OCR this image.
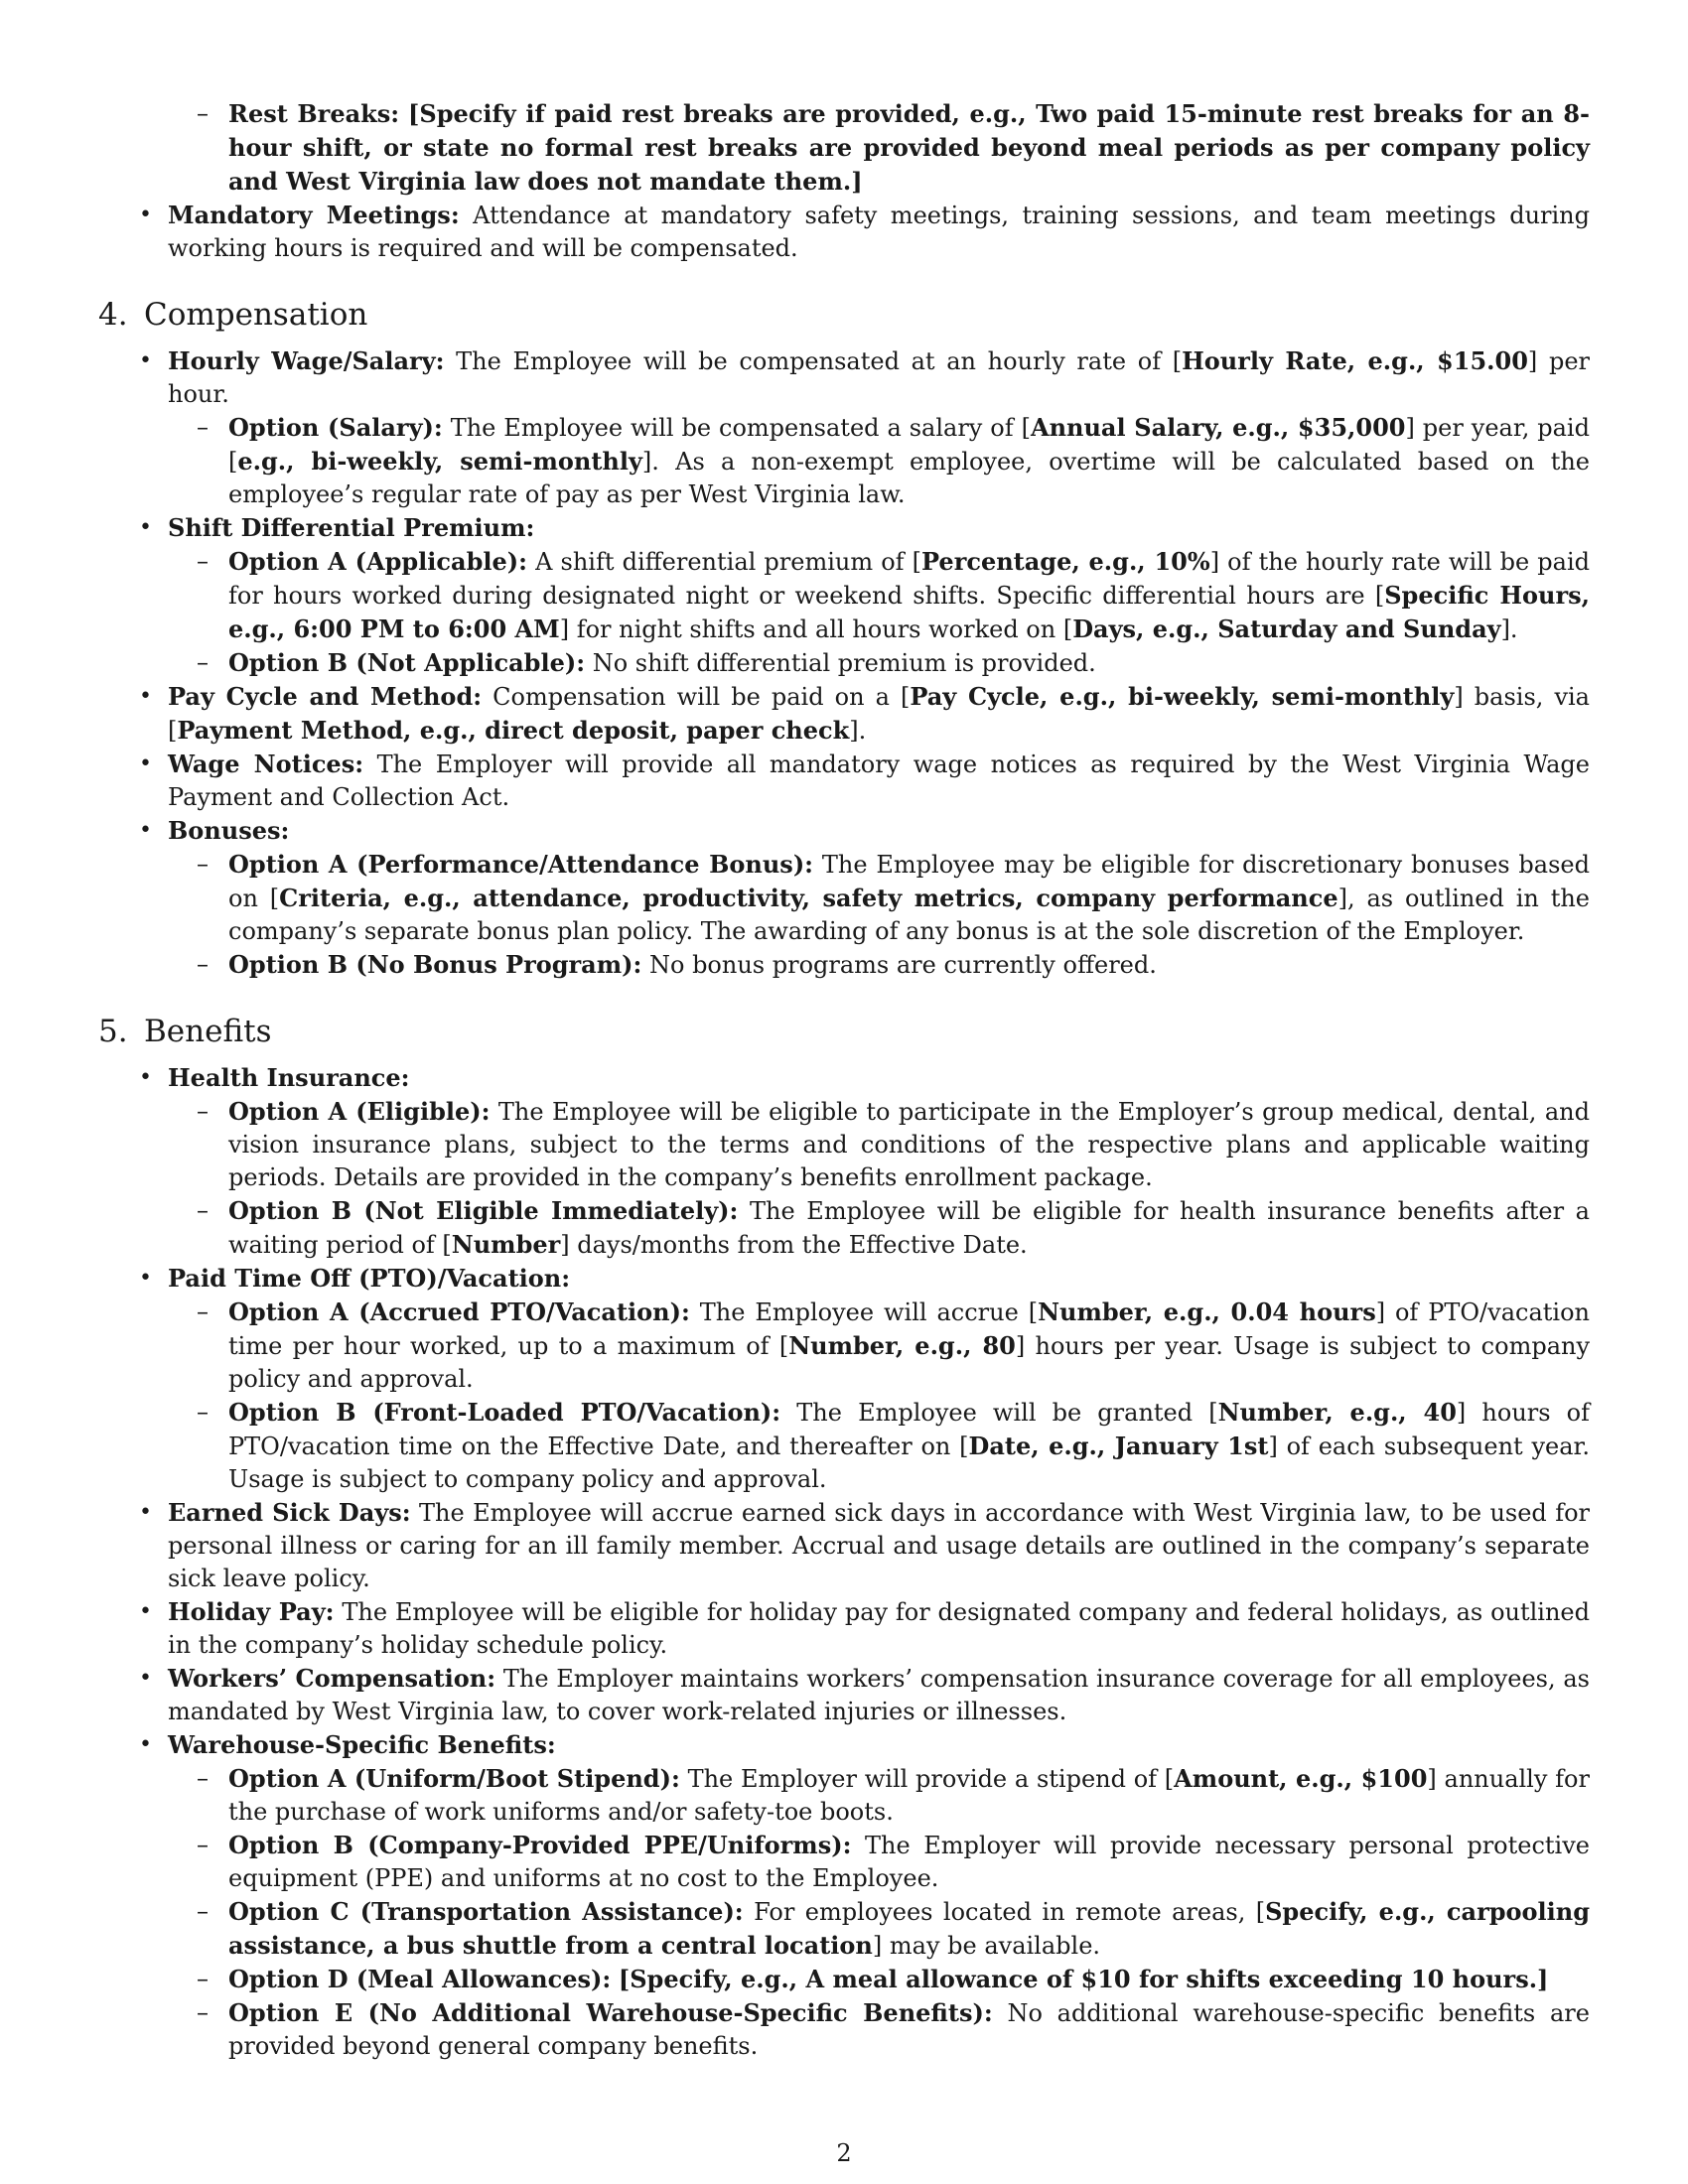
– Rest Breaks: [Specify if paid rest breaks are provided, e.g., Two paid 15-minute rest breaks for an 8-hour shift, or state no formal rest breaks are provided beyond meal periods as per company policy and West Virginia law does not mandate them.]
• Mandatory Meetings: Attendance at mandatory safety meetings, training sessions, and team meetings during working hours is required and will be compensated.
4. Compensation
• Hourly Wage/Salary: The Employee will be compensated at an hourly rate of [Hourly Rate, e.g., $15.00] per hour.
– Option (Salary): The Employee will be compensated a salary of [Annual Salary, e.g., $35,000] per year, paid [e.g., bi-weekly, semi-monthly]. As a non-exempt employee, overtime will be calculated based on the employee’s regular rate of pay as per West Virginia law.
• Shift Differential Premium:
– Option A (Applicable): A shift differential premium of [Percentage, e.g., 10%] of the hourly rate will be paid for hours worked during designated night or weekend shifts. Specific differential hours are [Specific Hours, e.g., 6:00 PM to 6:00 AM] for night shifts and all hours worked on [Days, e.g., Saturday and Sunday].
– Option B (Not Applicable): No shift differential premium is provided.
• Pay Cycle and Method: Compensation will be paid on a [Pay Cycle, e.g., bi-weekly, semi-monthly] basis, via [Payment Method, e.g., direct deposit, paper check].
• Wage Notices: The Employer will provide all mandatory wage notices as required by the West Virginia Wage Payment and Collection Act.
• Bonuses:
– Option A (Performance/Attendance Bonus): The Employee may be eligible for discretionary bonuses based on [Criteria, e.g., attendance, productivity, safety metrics, company performance], as outlined in the company’s separate bonus plan policy. The awarding of any bonus is at the sole discretion of the Employer.
– Option B (No Bonus Program): No bonus programs are currently offered.
5. Benefits
• Health Insurance:
– Option A (Eligible): The Employee will be eligible to participate in the Employer’s group medical, dental, and vision insurance plans, subject to the terms and conditions of the respective plans and applicable waiting periods. Details are provided in the company’s benefits enrollment package.
– Option B (Not Eligible Immediately): The Employee will be eligible for health insurance benefits after a waiting period of [Number] days/months from the Effective Date.
• Paid Time Off (PTO)/Vacation:
– Option A (Accrued PTO/Vacation): The Employee will accrue [Number, e.g., 0.04 hours] of PTO/vacation time per hour worked, up to a maximum of [Number, e.g., 80] hours per year. Usage is subject to company policy and approval.
– Option B (Front-Loaded PTO/Vacation): The Employee will be granted [Number, e.g., 40] hours of PTO/vacation time on the Effective Date, and thereafter on [Date, e.g., January 1st] of each subsequent year. Usage is subject to company policy and approval.
• Earned Sick Days: The Employee will accrue earned sick days in accordance with West Virginia law, to be used for personal illness or caring for an ill family member. Accrual and usage details are outlined in the company’s separate sick leave policy.
• Holiday Pay: The Employee will be eligible for holiday pay for designated company and federal holidays, as outlined in the company’s holiday schedule policy.
• Workers’ Compensation: The Employer maintains workers’ compensation insurance coverage for all employees, as mandated by West Virginia law, to cover work-related injuries or illnesses.
• Warehouse-Specific Benefits:
– Option A (Uniform/Boot Stipend): The Employer will provide a stipend of [Amount, e.g., $100] annually for the purchase of work uniforms and/or safety-toe boots.
– Option B (Company-Provided PPE/Uniforms): The Employer will provide necessary personal protective equipment (PPE) and uniforms at no cost to the Employee.
– Option C (Transportation Assistance): For employees located in remote areas, [Specify, e.g., carpooling assistance, a bus shuttle from a central location] may be available.
– Option D (Meal Allowances): [Specify, e.g., A meal allowance of $10 for shifts exceeding 10 hours.]
– Option E (No Additional Warehouse-Specific Benefits): No additional warehouse-specific benefits are provided beyond general company benefits.
2
